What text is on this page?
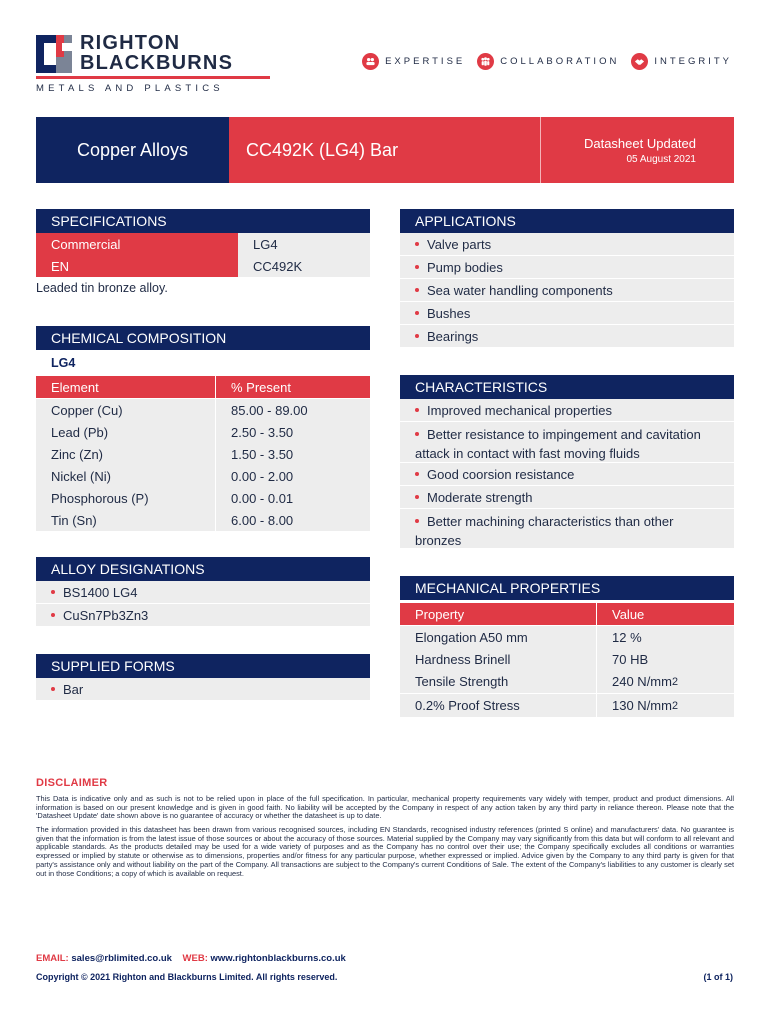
RIGHTON
BLACKBURNS
METALS AND PLASTICS
EXPERTISE	COLLABORATION	INTEGRITY
Copper Alloys	CC492K (LG4) Bar	Datasheet Updated
05 August 2021
SPECIFICATIONS
Commercial	LG4
EN	CC492K
Leaded tin bronze alloy.
CHEMICAL COMPOSITION
LG4
Element	% Present
Copper (Cu)	85.00 - 89.00
Lead (Pb)	2.50 - 3.50
Zinc (Zn)	1.50 - 3.50
Nickel (Ni)	0.00 - 2.00
Phosphorous (P)	0.00 - 0.01
Tin (Sn)	6.00 - 8.00
ALLOY DESIGNATIONS
BS1400 LG4
CuSn7Pb3Zn3
SUPPLIED FORMS
Bar
APPLICATIONS
Valve parts
Pump bodies
Sea water handling components
Bushes
Bearings
CHARACTERISTICS
Improved mechanical properties
Better resistance to impingement and cavitation attack in contact with fast moving fluids
Good coorsion resistance
Moderate strength
Better machining characteristics than other bronzes
MECHANICAL PROPERTIES
Property	Value
Elongation A50 mm	12 %
Hardness Brinell	70 HB
Tensile Strength	240 N/mm 2
0.2% Proof Stress	130 N/mm 2
DISCLAIMER
This Data is indicative only and as such is not to be relied upon in place of the full specification. In particular, mechanical property requirements vary widely with temper, product and product dimensions. All information is based on our present knowledge and is given in good faith. No liability will be accepted by the Company in respect of any action taken by any third party in reliance thereon. Please note that the 'Datasheet Update' date shown above is no guarantee of accuracy or whether the datasheet is up to date.
The information provided in this datasheet has been drawn from various recognised sources, including EN Standards, recognised industry references (printed S online) and manufacturers' data. No guarantee is given that the information is from the latest issue of those sources or about the accuracy of those sources. Material supplied by the Company may vary significantly from this data but will conform to all relevant and applicable standards. As the products detailed may be used for a wide variety of purposes and as the Company has no control over their use; the Company specifically excludes all conditions or warranties expressed or implied by statute or otherwise as to dimensions, properties and/or fitness for any particular purpose, whether expressed or implied. Advice given by the Company to any third party is given for that party's assistance only and without liability on the part of the Company. All transactions are subject to the Company's current Conditions of Sale. The extent of the Company's liabilities to any customer is clearly set out in those Conditions; a copy of which is available on request.
EMAIL: sales@rblimited.co.uk WEB: www.rightonblackburns.co.uk
Copyright © 2021 Righton and Blackburns Limited. All rights reserved.	(1 of 1)
